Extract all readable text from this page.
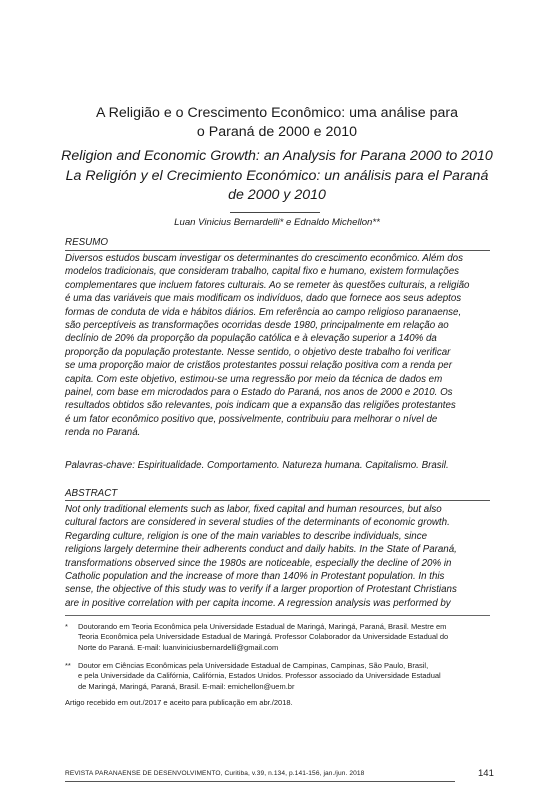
A Religião e o Crescimento Econômico: uma análise para
o Paraná de 2000 e 2010
Religion and Economic Growth: an Analysis for Parana 2000 to 2010
La Religión y el Crecimiento Económico: un análisis para el Paraná
de 2000 y 2010
Luan Vinicius Bernardelli* e Ednaldo Michellon**
RESUMO
Diversos estudos buscam investigar os determinantes do crescimento econômico. Além dos
modelos tradicionais, que consideram trabalho, capital fixo e humano, existem formulações
complementares que incluem fatores culturais. Ao se remeter às questões culturais, a religião
é uma das variáveis que mais modificam os indivíduos, dado que fornece aos seus adeptos
formas de conduta de vida e hábitos diários. Em referência ao campo religioso paranaense,
são perceptíveis as transformações ocorridas desde 1980, principalmente em relação ao
declínio de 20% da proporção da população católica e à elevação superior a 140% da
proporção da população protestante. Nesse sentido, o objetivo deste trabalho foi verificar
se uma proporção maior de cristãos protestantes possui relação positiva com a renda per
capita. Com este objetivo, estimou-se uma regressão por meio da técnica de dados em
painel, com base em microdados para o Estado do Paraná, nos anos de 2000 e 2010. Os
resultados obtidos são relevantes, pois indicam que a expansão das religiões protestantes
é um fator econômico positivo que, possivelmente, contribuiu para melhorar o nível de
renda no Paraná.
Palavras-chave: Espiritualidade. Comportamento. Natureza humana. Capitalismo. Brasil.
ABSTRACT
Not only traditional elements such as labor, fixed capital and human resources, but also
cultural factors are considered in several studies of the determinants of economic growth.
Regarding culture, religion is one of the main variables to describe individuals, since
religions largely determine their adherents conduct and daily habits. In the State of Paraná,
transformations observed since the 1980s are noticeable, especially the decline of 20% in
Catholic population and the increase of more than 140% in Protestant population. In this
sense, the objective of this study was to verify if a larger proportion of Protestant Christians
are in positive correlation with per capita income. A regression analysis was performed by
* Doutorando em Teoria Econômica pela Universidade Estadual de Maringá, Maringá, Paraná, Brasil. Mestre em
Teoria Econômica pela Universidade Estadual de Maringá. Professor Colaborador da Universidade Estadual do
Norte do Paraná. E-mail: luanviniciusbernardelli@gmail.com
** Doutor em Ciências Econômicas pela Universidade Estadual de Campinas, Campinas, São Paulo, Brasil,
e pela Universidade da Califórnia, Califórnia, Estados Unidos. Professor associado da Universidade Estadual
de Maringá, Maringá, Paraná, Brasil. E-mail: emichellon@uem.br
Artigo recebido em out./2017 e aceito para publicação em abr./2018.
REVISTA PARANAENSE DE DESENVOLVIMENTO, Curitiba, v.39, n.134, p.141-156, jan./jun. 2018	141
